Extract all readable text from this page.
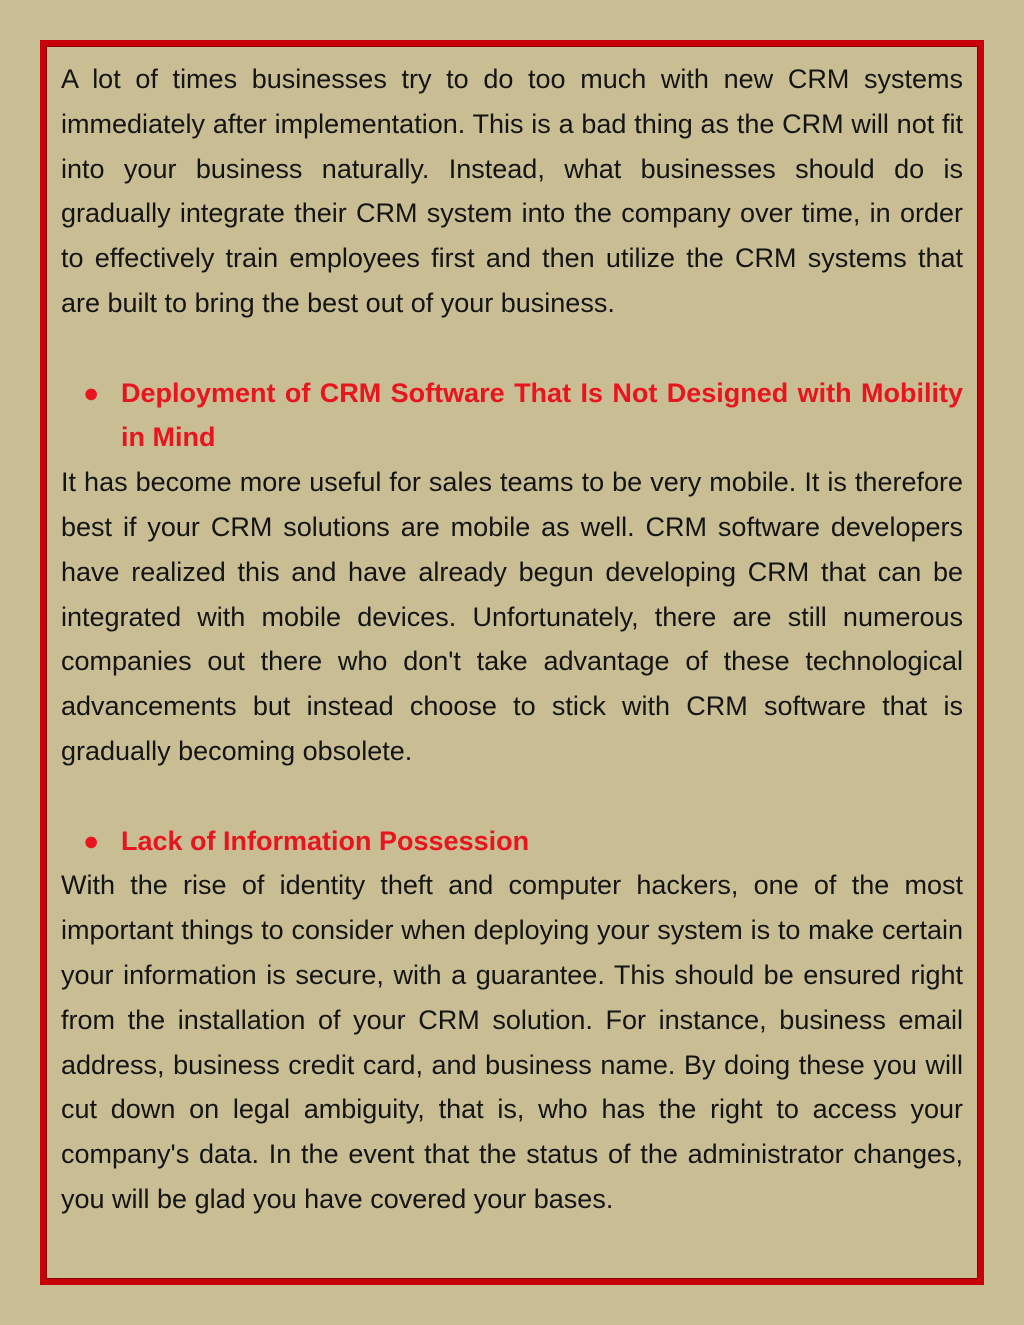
A lot of times businesses try to do too much with new CRM systems immediately after implementation. This is a bad thing as the CRM will not fit into your business naturally. Instead, what businesses should do is gradually integrate their CRM system into the company over time, in order to effectively train employees first and then utilize the CRM systems that are built to bring the best out of your business.

● Deployment of CRM Software That Is Not Designed with Mobility in Mind

It has become more useful for sales teams to be very mobile. It is therefore best if your CRM solutions are mobile as well. CRM software developers have realized this and have already begun developing CRM that can be integrated with mobile devices. Unfortunately, there are still numerous companies out there who don't take advantage of these technological advancements but instead choose to stick with CRM software that is gradually becoming obsolete.

● Lack of Information Possession

With the rise of identity theft and computer hackers, one of the most important things to consider when deploying your system is to make certain your information is secure, with a guarantee. This should be ensured right from the installation of your CRM solution. For instance, business email address, business credit card, and business name. By doing these you will cut down on legal ambiguity, that is, who has the right to access your company's data. In the event that the status of the administrator changes, you will be glad you have covered your bases.
